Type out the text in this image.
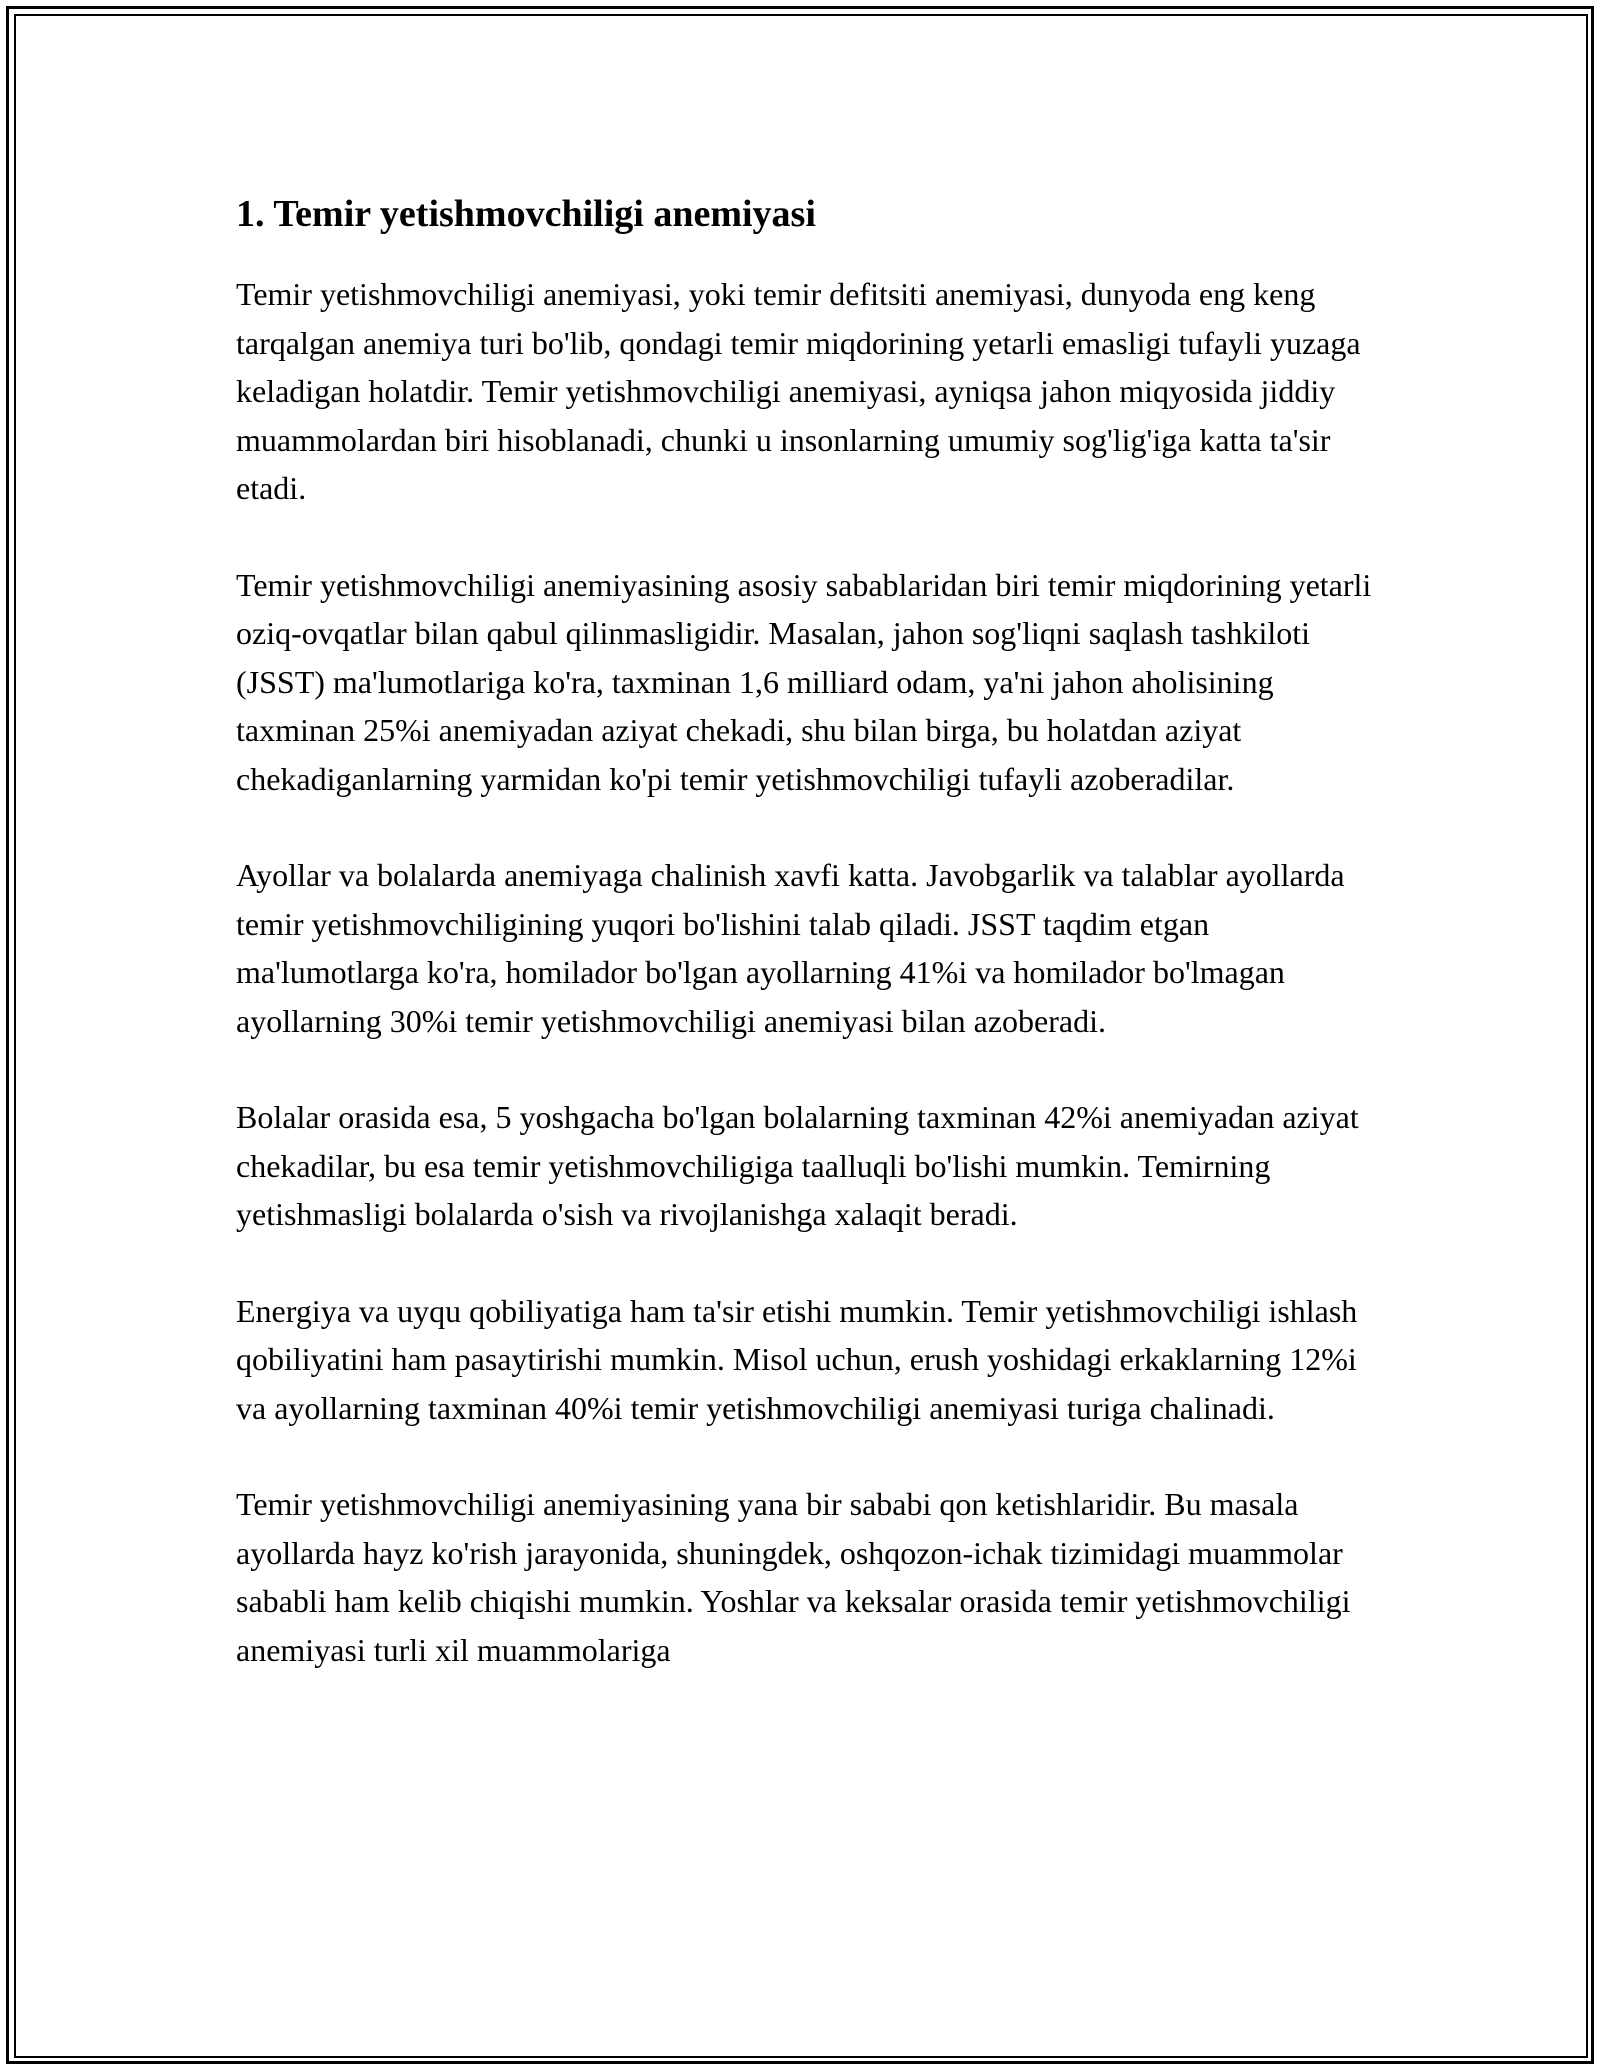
1. Temir yetishmovchiligi anemiyasi

Temir yetishmovchiligi anemiyasi, yoki temir defitsiti anemiyasi, dunyoda eng keng tarqalgan anemiya turi bo'lib, qondagi temir miqdorining yetarli emasligi tufayli yuzaga keladigan holatdir. Temir yetishmovchiligi anemiyasi, ayniqsa jahon miqyosida jiddiy muammolardan biri hisoblanadi, chunki u insonlarning umumiy sog'lig'iga katta ta'sir etadi.

Temir yetishmovchiligi anemiyasining asosiy sabablaridan biri temir miqdorining yetarli oziq-ovqatlar bilan qabul qilinmasligidir. Masalan, jahon sog'liqni saqlash tashkiloti (JSST) ma'lumotlariga ko'ra, taxminan 1,6 milliard odam, ya'ni jahon aholisining taxminan 25%i anemiyadan aziyat chekadi, shu bilan birga, bu holatdan aziyat chekadiganlarning yarmidan ko'pi temir yetishmovchiligi tufayli azoberadilar.

Ayollar va bolalarda anemiyaga chalinish xavfi katta. Javobgarlik va talablar ayollarda temir yetishmovchiligining yuqori bo'lishini talab qiladi. JSST taqdim etgan ma'lumotlarga ko'ra, homilador bo'lgan ayollarning 41%i va homilador bo'lmagan ayollarning 30%i temir yetishmovchiligi anemiyasi bilan azoberadi.

Bolalar orasida esa, 5 yoshgacha bo'lgan bolalarning taxminan 42%i anemiyadan aziyat chekadilar, bu esa temir yetishmovchiligiga taalluqli bo'lishi mumkin. Temirning yetishmasligi bolalarda o'sish va rivojlanishga xalaqit beradi.

Energiya va uyqu qobiliyatiga ham ta'sir etishi mumkin. Temir yetishmovchiligi ishlash qobiliyatini ham pasaytirishi mumkin. Misol uchun, erush yoshidagi erkaklarning 12%i va ayollarning taxminan 40%i temir yetishmovchiligi anemiyasi turiga chalinadi.

Temir yetishmovchiligi anemiyasining yana bir sababi qon ketishlaridir. Bu masala ayollarda hayz ko'rish jarayonida, shuningdek, oshqozon-ichak tizimidagi muammolar sababli ham kelib chiqishi mumkin. Yoshlar va keksalar orasida temir yetishmovchiligi anemiyasi turli xil muammolariga
